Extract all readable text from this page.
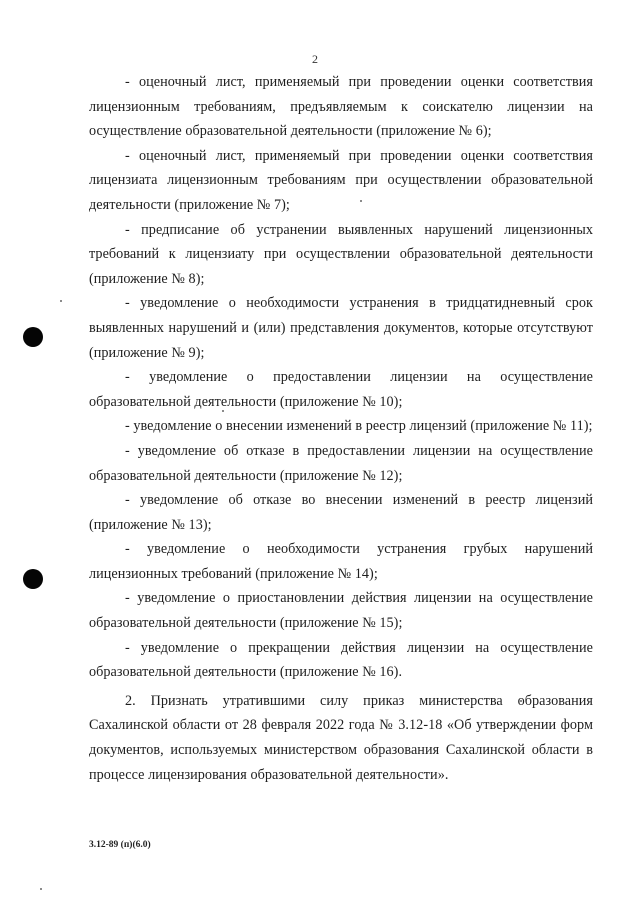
2

- оценочный лист, применяемый при проведении оценки соответствия лицензионным требованиям, предъявляемым к соискателю лицензии на осуществление образовательной деятельности (приложение № 6);

- оценочный лист, применяемый при проведении оценки соответствия лицензиата лицензионным требованиям при осуществлении образовательной деятельности (приложение № 7);

- предписание об устранении выявленных нарушений лицензионных требований к лицензиату при осуществлении образовательной деятельности (приложение № 8);

- уведомление о необходимости устранения в тридцатидневный срок выявленных нарушений и (или) представления документов, которые отсутствуют (приложение № 9);

- уведомление о предоставлении лицензии на осуществление образовательной деятельности (приложение № 10);

- уведомление о внесении изменений в реестр лицензий (приложение № 11);

- уведомление об отказе в предоставлении лицензии на осуществление образовательной деятельности (приложение № 12);

- уведомление об отказе во внесении изменений в реестр лицензий (приложение № 13);

- уведомление о необходимости устранения грубых нарушений лицензионных требований (приложение № 14);

- уведомление о приостановлении действия лицензии на осуществление образовательной деятельности (приложение № 15);

- уведомление о прекращении действия лицензии на осуществление образовательной деятельности (приложение № 16).

2. Признать утратившими силу приказ министерства образования Сахалинской области от 28 февраля 2022 года № 3.12-18 «Об утверждении форм документов, используемых министерством образования Сахалинской области в процессе лицензирования образовательной деятельности».

3.12-89 (п)(6.0)
